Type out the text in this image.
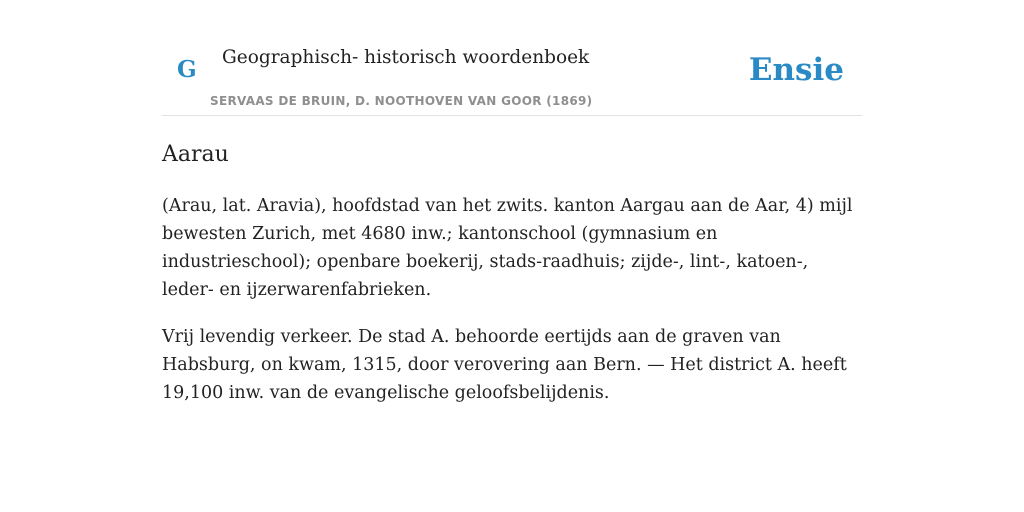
G Geographisch- historisch woordenboek
SERVAAS DE BRUIN, D. NOOTHOVEN VAN GOOR (1869)
Ensie
Aarau

(Arau, lat. Aravia), hoofdstad van het zwits. kanton Aargau aan de Aar, 4) mijl bewesten Zurich, met 4680 inw.; kantonschool (gymnasium en industrieschool); openbare boekerij, stads-raadhuis; zijde-, lint-, katoen-, leder- en ijzerwarenfabrieken.

Vrij levendig verkeer. De stad A. behoorde eertijds aan de graven van Habsburg, on kwam, 1315, door verovering aan Bern. — Het district A. heeft 19,100 inw. van de evangelische geloofsbelijdenis.
